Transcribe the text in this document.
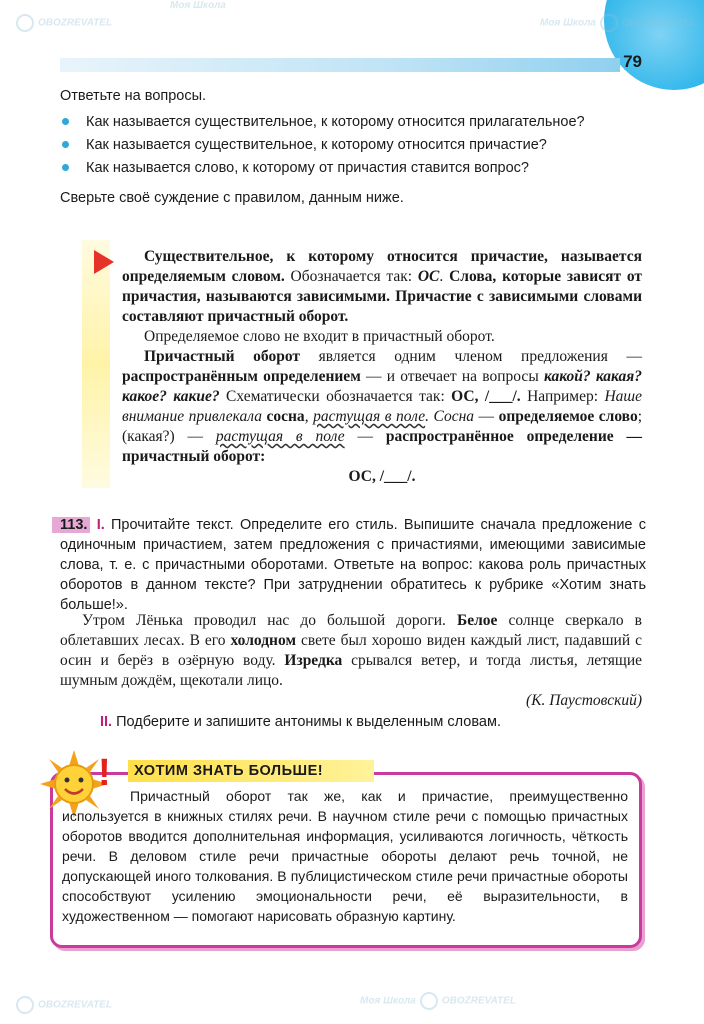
79
OBOZREVATEL
Моя Школа
Моя Школа	OBOZREVATEL
Моя Школа	OBOZREVATEL
OBOZREVATEL

Ответьте на вопросы.

Как называется существительное, к которому относится прилагательное?
Как называется существительное, к которому относится причастие?
Как называется слово, к которому от причастия ставится вопрос?

Сверьте своё суждение с правилом, данным ниже.

Существительное, к которому относится причастие, называется определяемым словом. Обозначается так: ОС. Слова, которые зависят от причастия, называются зависимыми. Причастие с зависимыми словами составляют причастный оборот.

Определяемое слово не входит в причастный оборот.

Причастный оборот является одним членом предложения — распространённым определением — и отвечает на вопросы какой? какая? какое? какие? Схематически обозначается так: ОС, /___/. Например: Наше внимание привлекала сосна, растущая в поле. Сосна — определяемое слово; (какая?) — растущая в поле — распространённое определение — причастный оборот:

ОС, /___/.

113. I. Прочитайте текст. Определите его стиль. Выпишите сначала предложение с одиночным причастием, затем предложения с причастиями, имеющими зависимые слова, т. е. с причастными оборотами. Ответьте на вопрос: какова роль причастных оборотов в данном тексте? При затруднении обратитесь к рубрике «Хотим знать больше!».

Утром Лёнька проводил нас до большой дороги. Белое солнце сверкало в облетавших лесах. В его холодном свете был хорошо виден каждый лист, падавший с осин и берёз в озёрную воду. Изредка срывался ветер, и тогда листья, летящие шумным дождём, щекотали лицо.

(К. Паустовский)

II. Подберите и запишите антонимы к выделенным словам.
!	ХОТИМ ЗНАТЬ БОЛЬШЕ!

Причастный оборот так же, как и причастие, преимущественно используется в книжных стилях речи. В научном стиле речи с помощью причастных оборотов вводится дополнительная информация, усиливаются логичность, чёткость речи. В деловом стиле речи причастные обороты делают речь точной, не допускающей иного толкования. В публицистическом стиле речи причастные обороты способствуют усилению эмоциональности речи, её выразительности, в художественном — помогают нарисовать образную картину.
